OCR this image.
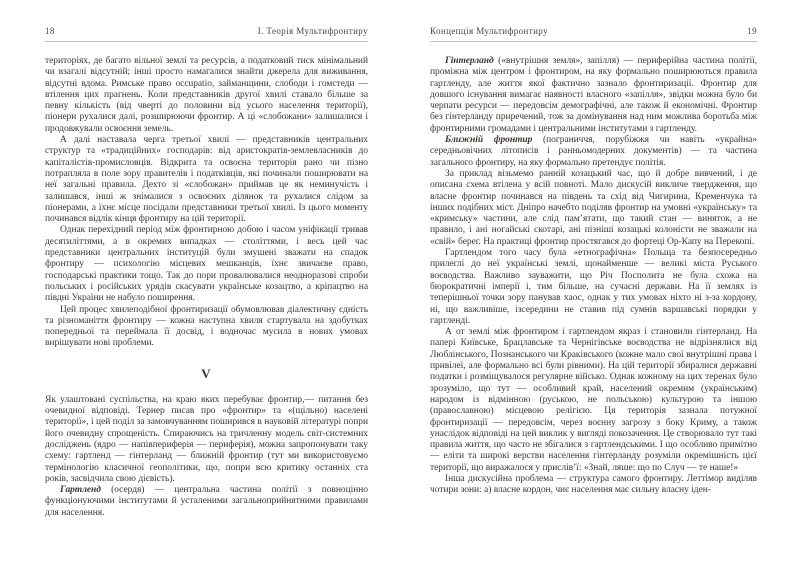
18	І. Теорія Мультифронтиру

територіях, де багато вільної землі та ресурсів, а податковий тиск мінімальний чи взагалі відсутній; інші просто намагалися знайти джерела для виживання, відсутні вдома. Римське право occupatio, займанщини, слободи і гомстеди — втілення цих прагнень. Коли представників другої хвилі ставало більше за певну кількість (від чверті до половини від усього населення території), піонери рухалися далі, розширюючи фронтир. А ці «слобожани» залишалися і продовжували освоєння земель.

А далі наставала черга третьої хвилі — представників центральних структур та «традиційних» господарів: від аристократів-землевласників до капіталістів-промисловців. Відкрита та освоєна територія рано чи пізно потрапляла в поле зору правителів і податківців, які починали поширювати на неї загальні правила. Дехто зі «слобожан» приймав це як неминучість і залишався, інші ж знімалися з освоєних ділянок та рухалися слідом за піонерами, а їхнє місце посідали представники третьої хвилі. Із цього моменту починався відлік кінця фронтиру на цій території.

Однак перехідний період між фронтирною добою і часом уніфікації тривав десятиліттями, а в окремих випадках — століттями, і весь цей час представники центральних інституцій були змушені зважати на спадок фронтиру — психологію місцевих мешканців, їхнє звичаєве право, господарські практики тощо. Так до пори провалювалися неодноразові спроби польських і російських урядів скасувати українське козацтво, а кріпацтво на півдні України не набуло поширення.

Цей процес хвилеподібної фронтиризації обумовлював діалектичну єдність та різноманіття фронтиру — кожна наступна хвиля стартувала на здобутках попередньої та переймала її досвід, і водночас мусила в нових умовах вирішувати нові проблеми.

V

Як улаштовані суспільства, на краю яких перебуває фронтир,— питання без очевидної відповіді. Тернер писав про «фронтир» та «(щільно) населені території», і цей поділ за замовчуванням поширився в науковій літературі попри його очевидну спрощеність. Спираючись на тричленну модель світ-системних досліджень (ядро — напівпериферія — периферія), можна запропонувати таку схему: гартленд — гінтерланд — ближній фронтир (тут ми використовуємо термінологію класичної геополітики, що, попри всю критику останніх ста років, засвідчила свою дієвість).

Гартленд (осердя) — центральна частина політії з повноцінно функціонуючими інститутами й усталеними загальноприйнятними правилами для населення.

Концепція Мультифронтиру	19

Гінтерланд («внутрішня земля», запілля) — периферійна частина політії, проміжна між центром і фронтиром, на яку формально поширюються правила гартленду, але життя якої фактично зазнало фронтиризації. Фронтир для довшого існування вимагає наявності власного «запілля», звідки можна було би черпати ресурси — передовсім демографічні, але також й економічні. Фронтир без гінтерланду приречений, тож за домінування над ним можлива боротьба між фронтирними громадами і центральними інститутами з гартленду.

Ближній фронтир (пограниччя, порубіжжя чи навіть «украйна» середньовічних літописів і ранньомодерних документів) — та частина загального фронтиру, на яку формально претендує політія.

За приклад візьмемо ранній козацький час, що й добре вивчений, і де описана схема втілена у всій повноті. Мало дискусій викличе твердження, що власне фронтир починався на південь та схід від Чигирина, Кременчука та інших подібних міст. Дніпро начебто поділяв фронтир на умовні «українську» та «кримську» частини, але слід пам’ятати, що такий стан — виняток, а не правило, і ані ногайські скотарі, ані пізніші козацькі колоністи не зважали на «свій» берег. На практиці фронтир простягався до фортеці Ор-Капу на Перекопі.

Гартлендом того часу була «етнографічна» Польща та безпосередньо прилеглі до неї українські землі, щонайменше — великі міста Руського воєводства. Важливо зауважити, що Річ Посполита не була схожа на бюрократичні імперії і, тим більше, на сучасні держави. На її землях із теперішньої точки зору панував хаос, однак у тих умовах ніхто ні з-за кордону, ні, що важливіше, ізсередини не ставив під сумнів варшавські порядки у гартленді.

А от землі між фронтиром і гартлендом якраз і становили гінтерланд. На папері Київське, Брацлавське та Чернігівське воєводства не відрізнялися від Люблінського, Познанського чи Краківського (кожне мало свої внутрішні права і привілеї, але формально всі були рівними). На цій території збиралися державні податки і розміщувалося регулярне військо. Однак кожному на цих теренах було зрозуміло, що тут — особливий край, населений окремим (українським) народом із відмінною (руською, не польською) культурою та іншою (православною) місцевою релігією. Ця територія зазнала потужної фронтиризації — передовсім, через воєнну загрозу з боку Криму, а також унаслідок відповіді на цей виклик у вигляді покозачення. Це створювало тут такі правила життя, що часто не збігалися з гартлендськими. І що особливо примітно — еліти та широкі верстви населення гінтерланду розуміли окремішність цієї території, що виражалося у прислів’ї: «Знай, ляше: що по Случ — те наше!»

Інша дискусійна проблема — структура самого фронтиру. Леттімор виділяв чотири зони: а) власне кордон, чиє населення має сильну власну іден-
